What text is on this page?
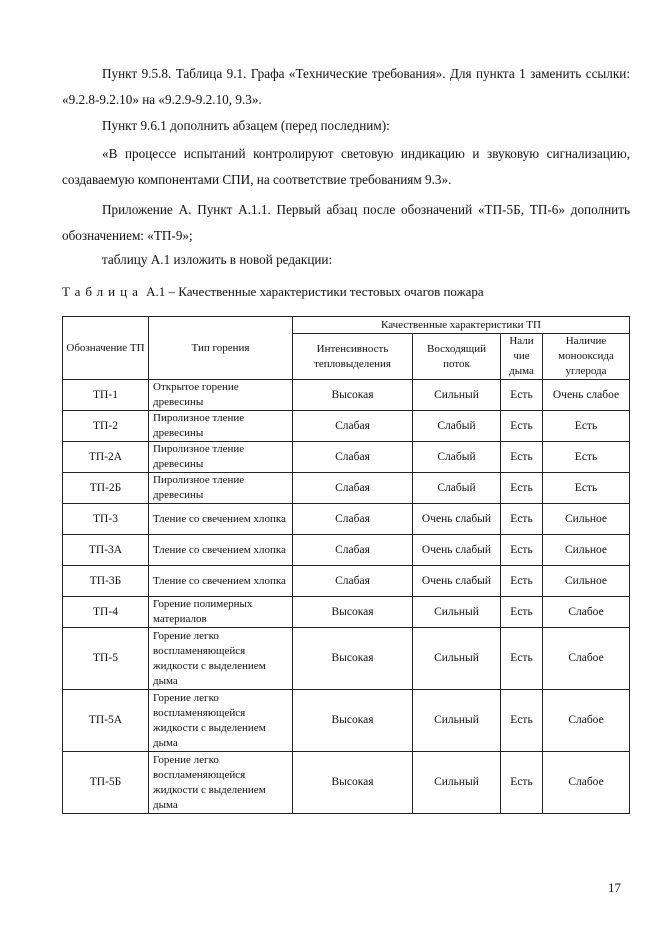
Пункт 9.5.8. Таблица 9.1. Графа «Технические требования». Для пункта 1 заменить ссылки: «9.2.8-9.2.10» на «9.2.9-9.2.10, 9.3».
Пункт 9.6.1 дополнить абзацем (перед последним):
«В процессе испытаний контролируют световую индикацию и звуковую сигнализацию, создаваемую компонентами СПИ, на соответствие требованиям 9.3».
Приложение А. Пункт А.1.1. Первый абзац после обозначений «ТП-5Б, ТП-6» дополнить обозначением: «ТП-9»;
таблицу А.1 изложить в новой редакции:
Таблица А.1 – Качественные характеристики тестовых очагов пожара
Обозначение ТП	Тип горения	Качественные характеристики ТП			
		Интенсивность тепловыделения	Восходящий поток	Нали чие дыма	Наличие монооксида углерода
ТП-1	Открытое горение древесины	Высокая	Сильный	Есть	Очень слабое
ТП-2	Пиролизное тление древесины	Слабая	Слабый	Есть	Есть
ТП-2А	Пиролизное тление древесины	Слабая	Слабый	Есть	Есть
ТП-2Б	Пиролизное тление древесины	Слабая	Слабый	Есть	Есть
ТП-3	Тление со свечением хлопка	Слабая	Очень слабый	Есть	Сильное
ТП-3А	Тление со свечением хлопка	Слабая	Очень слабый	Есть	Сильное
ТП-3Б	Тление со свечением хлопка	Слабая	Очень слабый	Есть	Сильное
ТП-4	Горение полимерных материалов	Высокая	Сильный	Есть	Слабое
ТП-5	Горение легко воспламеняющейся жидкости с выделением дыма	Высокая	Сильный	Есть	Слабое
ТП-5А	Горение легко воспламеняющейся жидкости с выделением дыма	Высокая	Сильный	Есть	Слабое
ТП-5Б	Горение легко воспламеняющейся жидкости с выделением дыма	Высокая	Сильный	Есть	Слабое
17
